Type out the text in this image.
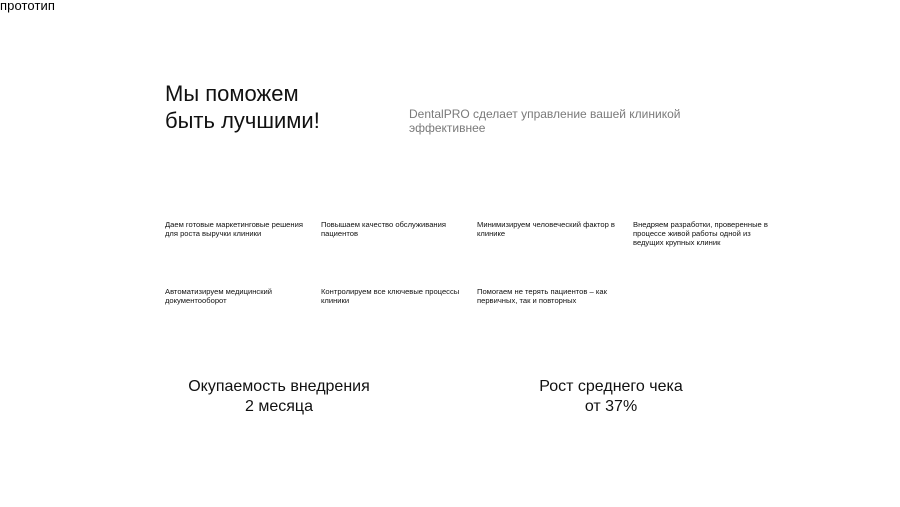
прототип
Мы поможем
быть лучшими!	DentalPRO сделает управление вашей клиникой эффективнее

Даем готовые маркетинговые решения для роста выручки клиники
Повышаем качество обслуживания пациентов
Минимизируем человеческий фактор в клинике
Внедряем разработки, проверенные в процессе живой работы одной из ведущих крупных клиник
Автоматизируем медицинский документооборот
Контролируем все ключевые процессы клиники
Помогаем не терять пациентов – как первичных, так и повторных
Окупаемость внедрения
2 месяца
Рост среднего чека
от 37%
